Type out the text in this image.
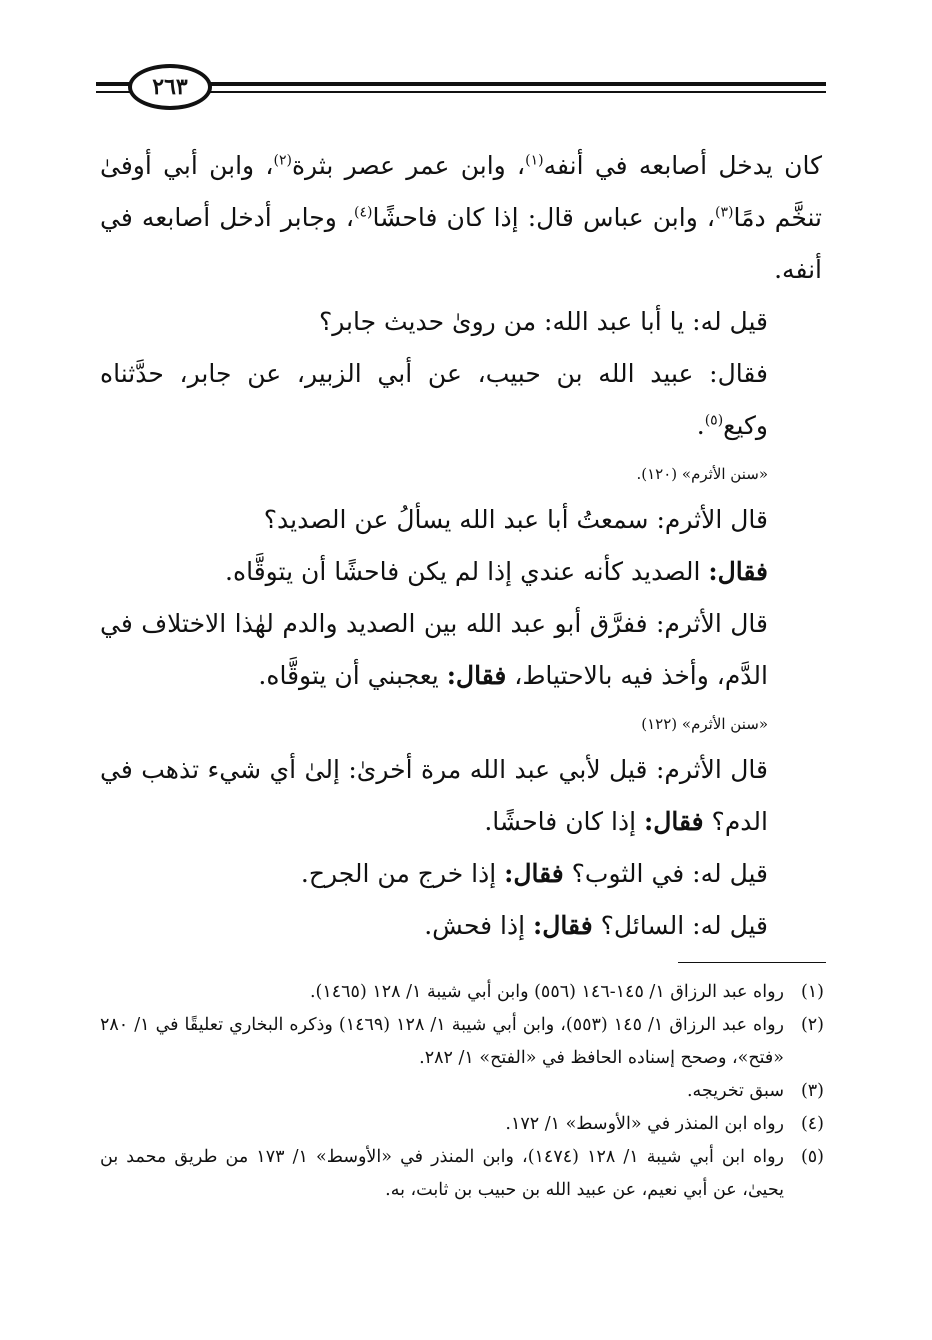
٢٦٣

كان يدخل أصابعه في أنفه$^{(١)}$، وابن عمر عصر بثرة$^{(٢)}$، وابن أبي أوفىٰ تنخَّم دمًا$^{(٣)}$، وابن عباس قال: إذا كان فاحشًا$^{(٤)}$، وجابر أدخل أصابعه في أنفه.

قيل له: يا أبا عبد الله: من روىٰ حديث جابر؟

فقال: عبيد الله بن حبيب، عن أبي الزبير، عن جابر، حدَّثناه وكيع$^{(٥)}$.

«سنن الأثرم» (١٢٠).

قال الأثرم: سمعتُ أبا عبد الله يسألُ عن الصديد؟

فقال: الصديد كأنه عندي إذا لم يكن فاحشًا أن يتوقَّاه.

قال الأثرم: ففرَّق أبو عبد الله بين الصديد والدم لهٰذا الاختلاف في الدَّم، وأخذ فيه بالاحتياط، فقال: يعجبني أن يتوقَّاه.

«سنن الأثرم» (١٢٢)

قال الأثرم: قيل لأبي عبد الله مرة أخرىٰ: إلىٰ أي شيء تذهب في الدم؟ فقال: إذا كان فاحشًا.

قيل له: في الثوب؟ فقال: إذا خرج من الجرح.

قيل له: السائل؟ فقال: إذا فحش.

(١)
رواه عبد الرزاق ١/ ١٤٥-١٤٦ (٥٥٦) وابن أبي شيبة ١/ ١٢٨ (١٤٦٥).
(٢)
رواه عبد الرزاق ١/ ١٤٥ (٥٥٣)، وابن أبي شيبة ١/ ١٢٨ (١٤٦٩) وذكره البخاري تعليقًا في ١/ ٢٨٠ «فتح»، وصحح إسناده الحافظ في «الفتح» ١/ ٢٨٢.
(٣)
سبق تخريجه.
(٤)
رواه ابن المنذر في «الأوسط» ١/ ١٧٢.
(٥)
رواه ابن أبي شيبة ١/ ١٢٨ (١٤٧٤)، وابن المنذر في «الأوسط» ١/ ١٧٣ من طريق محمد بن يحيىٰ، عن أبي نعيم، عن عبيد الله بن حبيب بن ثابت، به.
